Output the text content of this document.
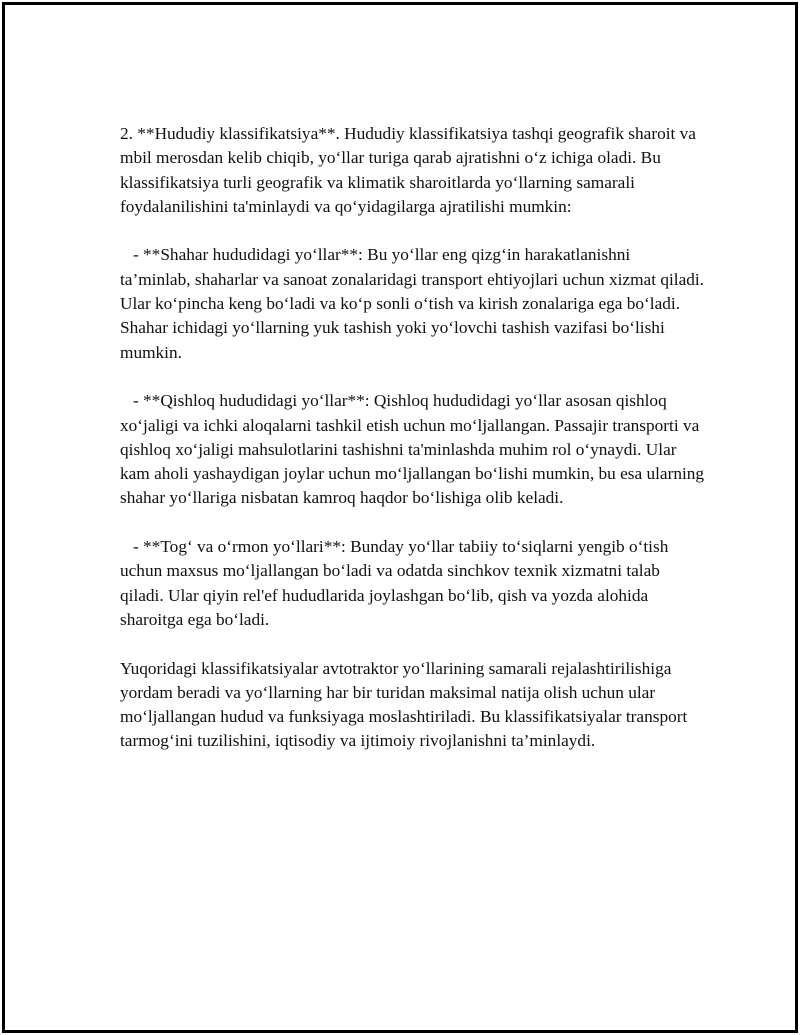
2. **Hududiy klassifikatsiya**. Hududiy klassifikatsiya tashqi geografik sharoit va mbil merosdan kelib chiqib, yo‘llar turiga qarab ajratishni o‘z ichiga oladi. Bu klassifikatsiya turli geografik va klimatik sharoitlarda yo‘llarning samarali foydalanilishini ta'minlaydi va qo‘yidagilarga ajratilishi mumkin:

- **Shahar hududidagi yo‘llar**: Bu yo‘llar eng qizg‘in harakatlanishni ta’minlab, shaharlar va sanoat zonalaridagi transport ehtiyojlari uchun xizmat qiladi. Ular ko‘pincha keng bo‘ladi va ko‘p sonli o‘tish va kirish zonalariga ega bo‘ladi. Shahar ichidagi yo‘llarning yuk tashish yoki yo‘lovchi tashish vazifasi bo‘lishi mumkin.

- **Qishloq hududidagi yo‘llar**: Qishloq hududidagi yo‘llar asosan qishloq xo‘jaligi va ichki aloqalarni tashkil etish uchun mo‘ljallangan. Passajir transporti va qishloq xo‘jaligi mahsulotlarini tashishni ta'minlashda muhim rol o‘ynaydi. Ular kam aholi yashaydigan joylar uchun mo‘ljallangan bo‘lishi mumkin, bu esa ularning shahar yo‘llariga nisbatan kamroq haqdor bo‘lishiga olib keladi.

- **Tog‘ va o‘rmon yo‘llari**: Bunday yo‘llar tabiiy to‘siqlarni yengib o‘tish uchun maxsus mo‘ljallangan bo‘ladi va odatda sinchkov texnik xizmatni talab qiladi. Ular qiyin rel'ef hududlarida joylashgan bo‘lib, qish va yozda alohida sharoitga ega bo‘ladi.

Yuqoridagi klassifikatsiyalar avtotraktor yo‘llarining samarali rejalashtirilishiga yordam beradi va yo‘llarning har bir turidan maksimal natija olish uchun ular mo‘ljallangan hudud va funksiyaga moslashtiriladi. Bu klassifikatsiyalar transport tarmog‘ini tuzilishini, iqtisodiy va ijtimoiy rivojlanishni ta’minlaydi.
